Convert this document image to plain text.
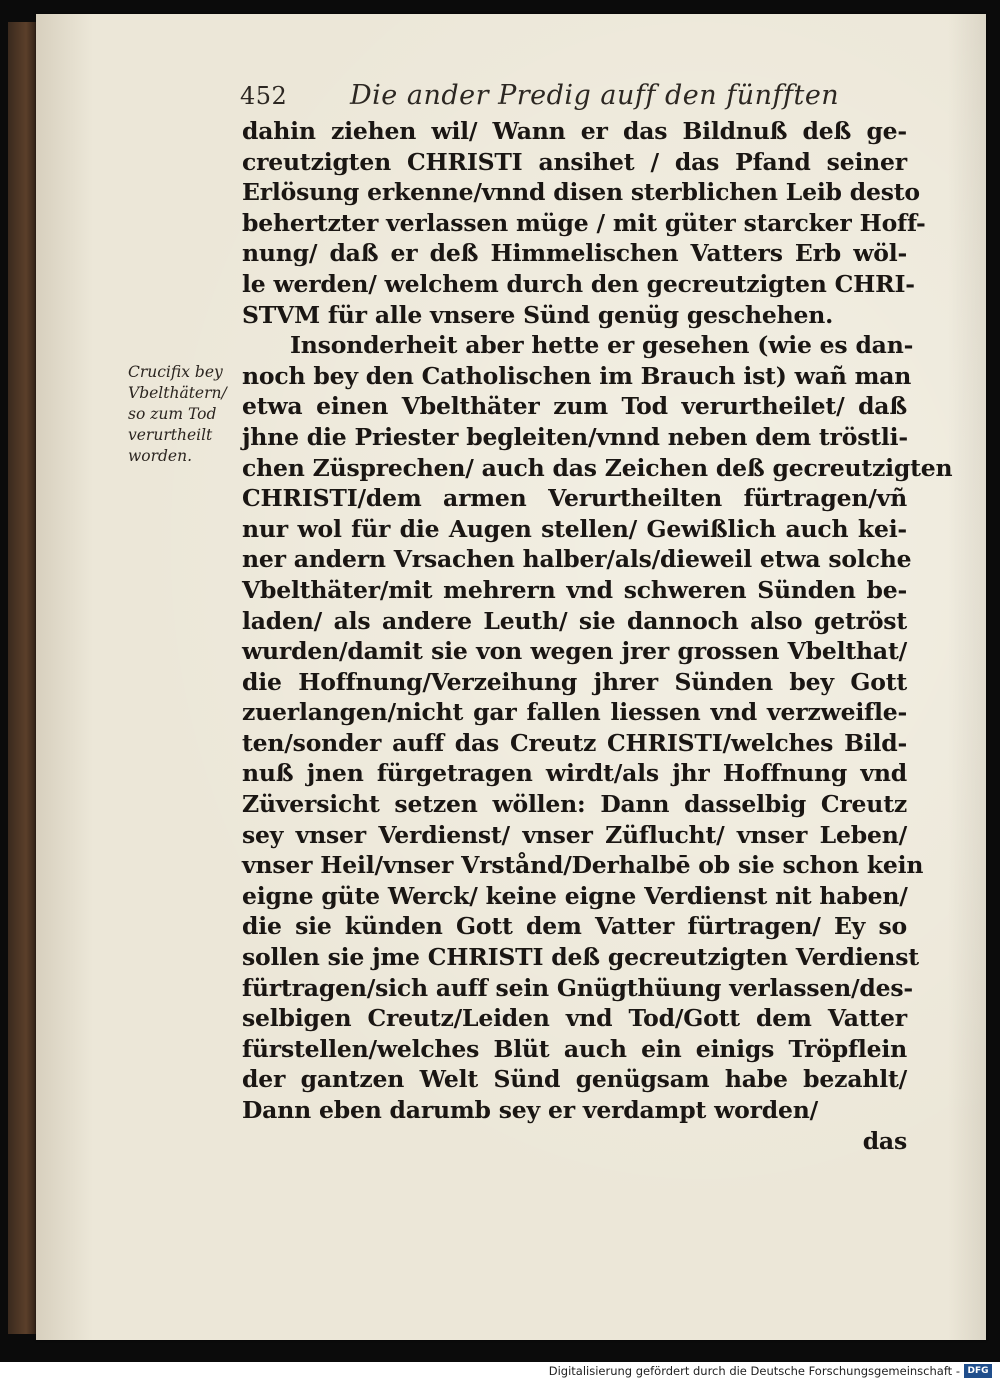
452 Die ander Predig auff den fünfften
Crucifix bey
Vbelthätern/
so zum Tod
verurtheilt
worden.
dahin ziehen wil/ Wann er das Bildnuß deß ge-
creutzigten CHRISTI ansihet / das Pfand seiner
Erlösung erkenne/vnnd disen sterblichen Leib desto
behertzter verlassen müge / mit güter starcker Hoff-
nung/ daß er deß Himmelischen Vatters Erb wöl-
le werden/ welchem durch den gecreutzigten CHRI-
STVM für alle vnsere Sünd genüg geschehen.
Insonderheit aber hette er gesehen (wie es dan-
noch bey den Catholischen im Brauch ist) wañ man
etwa einen Vbelthäter zum Tod verurtheilet/ daß
jhne die Priester begleiten/vnnd neben dem tröstli-
chen Züsprechen/ auch das Zeichen deß gecreutzigten
CHRISTI/dem armen Verurtheilten fürtragen/vñ
nur wol für die Augen stellen/ Gewißlich auch kei-
ner andern Vrsachen halber/als/dieweil etwa solche
Vbelthäter/mit mehrern vnd schweren Sünden be-
laden/ als andere Leuth/ sie dannoch also getröst
wurden/damit sie von wegen jrer grossen Vbelthat/
die Hoffnung/Verzeihung jhrer Sünden bey Gott
zuerlangen/nicht gar fallen liessen vnd verzweifle-
ten/sonder auff das Creutz CHRISTI/welches Bild-
nuß jnen fürgetragen wirdt/als jhr Hoffnung vnd
Züversicht setzen wöllen: Dann dasselbig Creutz
sey vnser Verdienst/ vnser Züflucht/ vnser Leben/
vnser Heil/vnser Vrstånd/Derhalbē ob sie schon kein
eigne güte Werck/ keine eigne Verdienst nit haben/
die sie künden Gott dem Vatter fürtragen/ Ey so
sollen sie jme CHRISTI deß gecreutzigten Verdienst
fürtragen/sich auff sein Gnügthüung verlassen/des-
selbigen Creutz/Leiden vnd Tod/Gott dem Vatter
fürstellen/welches Blüt auch ein einigs Tröpflein
der gantzen Welt Sünd genügsam habe bezahlt/
Dann eben darumb sey er verdampt worden/
das
Digitalisierung gefördert durch die Deutsche Forschungsgemeinschaft - DFG
